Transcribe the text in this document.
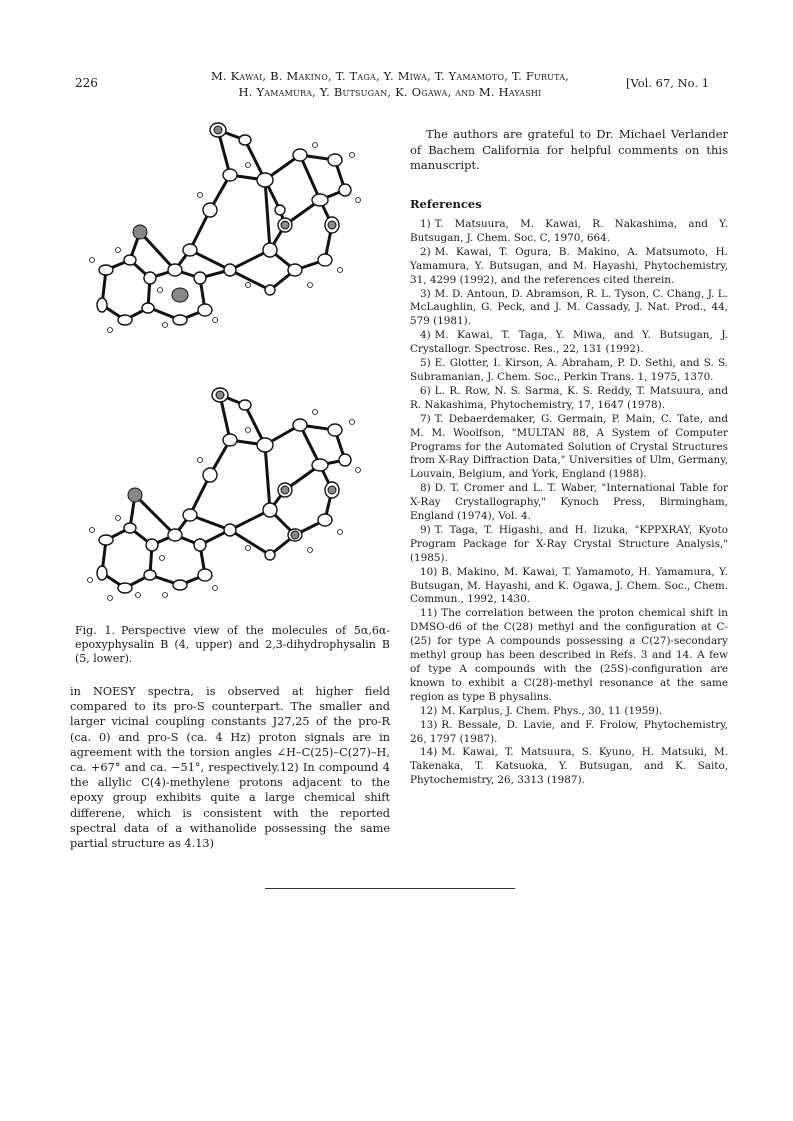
226	M. Kawai, B. Makino, T. Taga, Y. Miwa, T. Yamamoto, T. Furuta,
H. Yamamura, Y. Butsugan, K. Ogawa, and M. Hayashi
[Vol. 67, No. 1
Fig. 1. Perspective view of the molecules of 5α,6α-epoxyphysalin B (4, upper) and 2,3-dihydrophysalin B (5, lower).
in NOESY spectra, is observed at higher field compared to its pro-S counterpart. The smaller and larger vicinal coupling constants J27,25 of the pro-R (ca. 0) and pro-S (ca. 4 Hz) proton signals are in agreement with the torsion angles ∠H–C(25)–C(27)–H, ca. +67° and ca. −51°, respectively.12) In compound 4 the allylic C(4)-methylene protons adjacent to the epoxy group exhibits quite a large chemical shift differene, which is consistent with the reported spectral data of a withanolide possessing the same partial structure as 4.13)
The authors are grateful to Dr. Michael Verlander of Bachem California for helpful comments on this manuscript.
References
1) T. Matsuura, M. Kawai, R. Nakashima, and Y. Butsugan, J. Chem. Soc. C, 1970, 664.
2) M. Kawai, T. Ogura, B. Makino, A. Matsumoto, H. Yamamura, Y. Butsugan, and M. Hayashi, Phytochemistry, 31, 4299 (1992), and the references cited therein.
3) M. D. Antoun, D. Abramson, R. L. Tyson, C. Chang, J. L. McLaughlin, G. Peck, and J. M. Cassady, J. Nat. Prod., 44, 579 (1981).
4) M. Kawai, T. Taga, Y. Miwa, and Y. Butsugan, J. Crystallogr. Spectrosc. Res., 22, 131 (1992).
5) E. Glotter, I. Kirson, A. Abraham, P. D. Sethi, and S. S. Subramanian, J. Chem. Soc., Perkin Trans. 1, 1975, 1370.
6) L. R. Row, N. S. Sarma, K. S. Reddy, T. Matsuura, and R. Nakashima, Phytochemistry, 17, 1647 (1978).
7) T. Debaerdemaker, G. Germain, P. Main, C. Tate, and M. M. Woolfson, "MULTAN 88, A System of Computer Programs for the Automated Solution of Crystal Structures from X-Ray Diffraction Data," Universities of Ulm, Germany, Louvain, Belgium, and York, England (1988).
8) D. T. Cromer and L. T. Waber, "International Table for X-Ray Crystallography," Kynoch Press, Birmingham, England (1974), Vol. 4.
9) T. Taga, T. Higashi, and H. Iizuka, "KPPXRAY, Kyoto Program Package for X-Ray Crystal Structure Analysis," (1985).
10) B. Makino, M. Kawai, T. Yamamoto, H. Yamamura, Y. Butsugan, M. Hayashi, and K. Ogawa, J. Chem. Soc., Chem. Commun., 1992, 1430.
11) The correlation between the proton chemical shift in DMSO-d6 of the C(28) methyl and the configuration at C-(25) for type A compounds possessing a C(27)-secondary methyl group has been described in Refs. 3 and 14. A few of type A compounds with the (25S)-configuration are known to exhibit a C(28)-methyl resonance at the same region as type B physalins.
12) M. Karplus, J. Chem. Phys., 30, 11 (1959).
13) R. Bessale, D. Lavie, and F. Frolow, Phytochemistry, 26, 1797 (1987).
14) M. Kawai, T. Matsuura, S. Kyuno, H. Matsuki, M. Takenaka, T. Katsuoka, Y. Butsugan, and K. Saito, Phytochemistry, 26, 3313 (1987).
